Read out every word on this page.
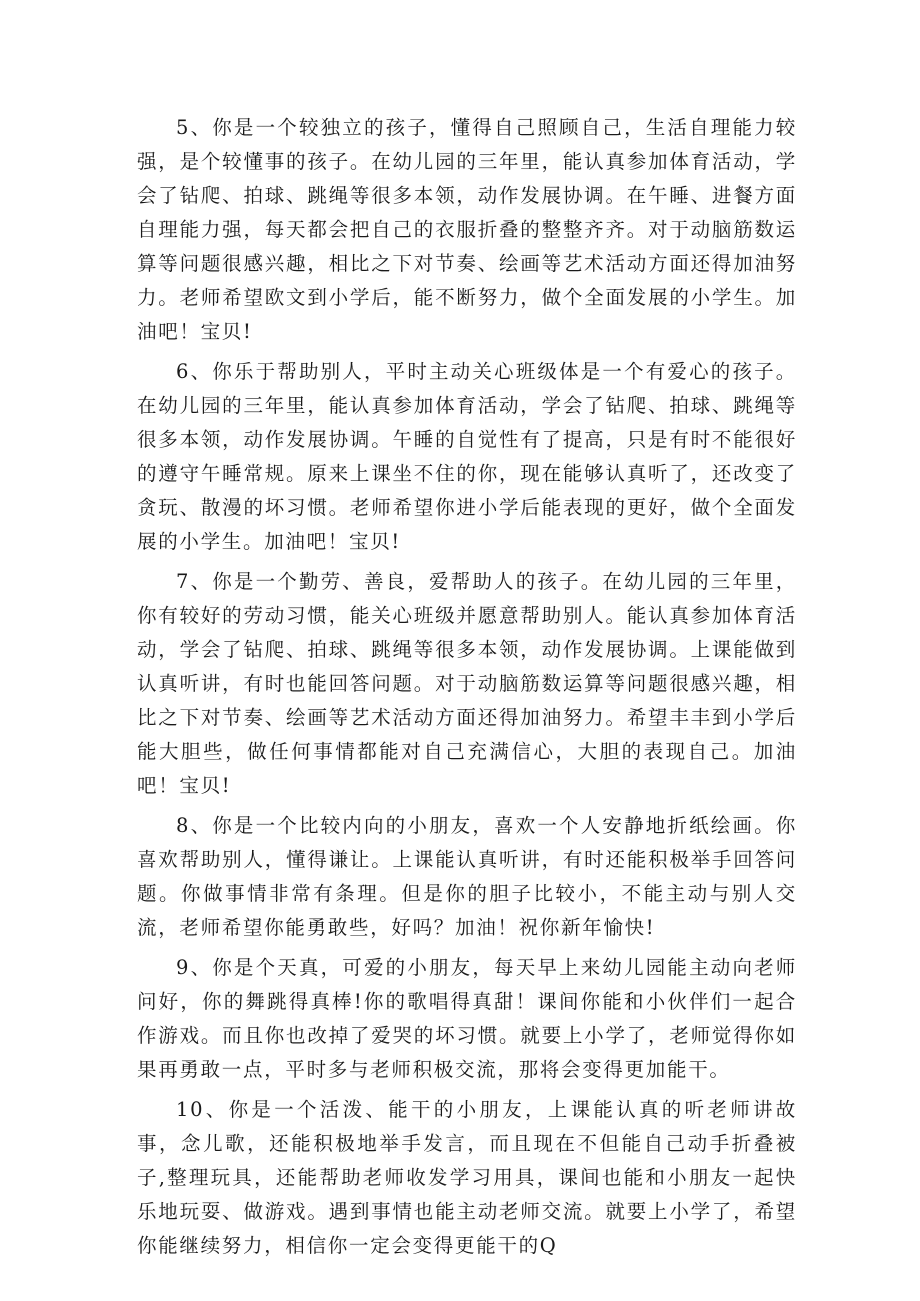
5、你是一个较独立的孩子，懂得自己照顾自己，生活自理能力较强，是个较懂事的孩子。在幼儿园的三年里，能认真参加体育活动，学会了钻爬、拍球、跳绳等很多本领，动作发展协调。在午睡、进餐方面自理能力强，每天都会把自己的衣服折叠的整整齐齐。对于动脑筋数运算等问题很感兴趣，相比之下对节奏、绘画等艺术活动方面还得加油努力。老师希望欧文到小学后，能不断努力，做个全面发展的小学生。加油吧！宝贝!

6、你乐于帮助别人，平时主动关心班级体是一个有爱心的孩子。在幼儿园的三年里，能认真参加体育活动，学会了钻爬、拍球、跳绳等很多本领，动作发展协调。午睡的自觉性有了提高，只是有时不能很好的遵守午睡常规。原来上课坐不住的你，现在能够认真听了，还改变了贪玩、散漫的坏习惯。老师希望你进小学后能表现的更好，做个全面发展的小学生。加油吧！宝贝!

7、你是一个勤劳、善良，爱帮助人的孩子。在幼儿园的三年里，你有较好的劳动习惯，能关心班级并愿意帮助别人。能认真参加体育活动，学会了钻爬、拍球、跳绳等很多本领，动作发展协调。上课能做到认真听讲，有时也能回答问题。对于动脑筋数运算等问题很感兴趣，相比之下对节奏、绘画等艺术活动方面还得加油努力。希望丰丰到小学后能大胆些，做任何事情都能对自己充满信心，大胆的表现自己。加油吧！宝贝!

8、你是一个比较内向的小朋友，喜欢一个人安静地折纸绘画。你喜欢帮助别人，懂得谦让。上课能认真听讲，有时还能积极举手回答问题。你做事情非常有条理。但是你的胆子比较小，不能主动与别人交流，老师希望你能勇敢些，好吗？加油！祝你新年愉快!

9、你是个天真，可爱的小朋友，每天早上来幼儿园能主动向老师问好，你的舞跳得真棒!你的歌唱得真甜！课间你能和小伙伴们一起合作游戏。而且你也改掉了爱哭的坏习惯。就要上小学了，老师觉得你如果再勇敢一点，平时多与老师积极交流，那将会变得更加能干。

10、你是一个活泼、能干的小朋友，上课能认真的听老师讲故事，念儿歌，还能积极地举手发言，而且现在不但能自己动手折叠被子,整理玩具，还能帮助老师收发学习用具，课间也能和小朋友一起快乐地玩耍、做游戏。遇到事情也能主动老师交流。就要上小学了，希望你能继续努力，相信你一定会变得更能干的Q
